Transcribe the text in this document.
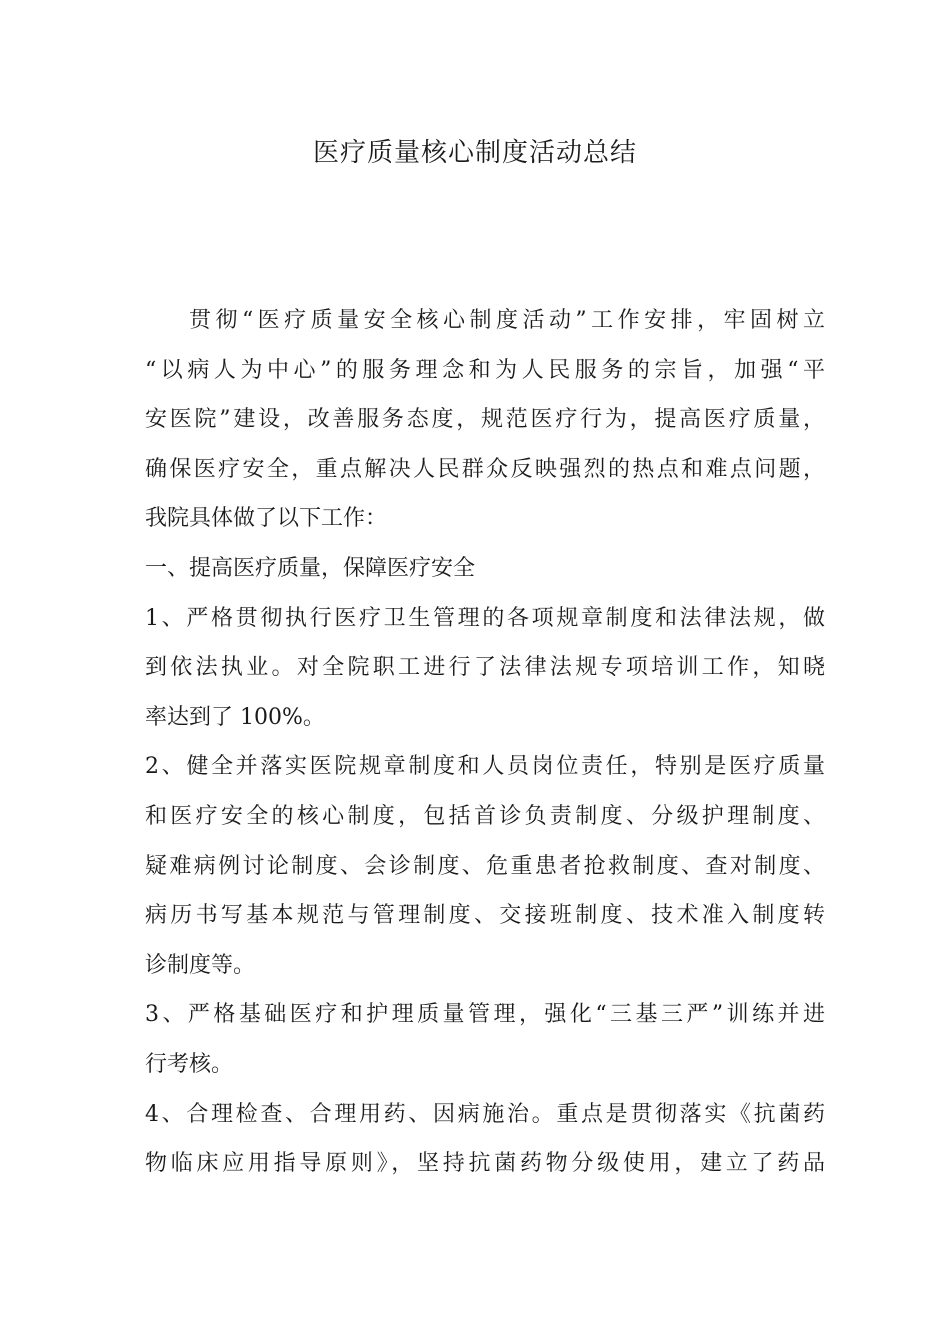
医疗质量核心制度活动总结
贯彻“医疗质量安全核心制度活动”工作安排，牢固树立
“以病人为中心”的服务理念和为人民服务的宗旨，加强“平
安医院”建设，改善服务态度，规范医疗行为，提高医疗质量，
确保医疗安全，重点解决人民群众反映强烈的热点和难点问题，
我院具体做了以下工作：
一、提高医疗质量，保障医疗安全
1、严格贯彻执行医疗卫生管理的各项规章制度和法律法规，做
到依法执业。对全院职工进行了法律法规专项培训工作，知晓
率达到了 100%。
2、健全并落实医院规章制度和人员岗位责任，特别是医疗质量
和医疗安全的核心制度，包括首诊负责制度、分级护理制度、
疑难病例讨论制度、会诊制度、危重患者抢救制度、查对制度、
病历书写基本规范与管理制度、交接班制度、技术准入制度转
诊制度等。
3、严格基础医疗和护理质量管理，强化“三基三严”训练并进
行考核。
4、合理检查、合理用药、因病施治。重点是贯彻落实《抗菌药
物临床应用指导原则》，坚持抗菌药物分级使用，建立了药品
